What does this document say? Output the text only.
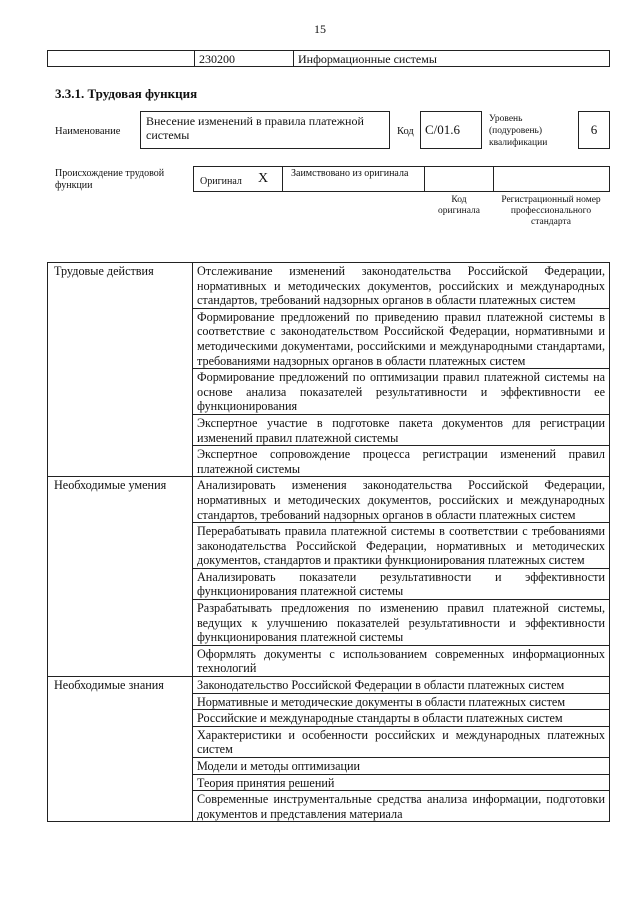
15
230200	Информационные системы
3.3.1. Трудовая функция
Наименование
Внесение изменений в правила платежной системы	Код С/01.6
Уровень (подуровень) квалификации
6
Происхождение трудовой функции	Оригинал X	Заимствовано из оригинала
Код оригинала
Регистрационный номер профессионального стандарта
Трудовые действия	Отслеживание изменений законодательства Российской Федерации, нормативных и методических документов, российских и международных стандартов, требований надзорных органов в области платежных систем
	Формирование предложений по приведению правил платежной системы в соответствие с законодательством Российской Федерации, нормативными и методическими документами, российскими и международными стандартами, требованиями надзорных органов в области платежных систем
	Формирование предложений по оптимизации правил платежной системы на основе анализа показателей результативности и эффективности ее функционирования
	Экспертное участие в подготовке пакета документов для регистрации изменений правил платежной системы
	Экспертное сопровождение процесса регистрации изменений правил платежной системы
Необходимые умения	Анализировать изменения законодательства Российской Федерации, нормативных и методических документов, российских и международных стандартов, требований надзорных органов в области платежных систем
	Перерабатывать правила платежной системы в соответствии с требованиями законодательства Российской Федерации, нормативных и методических документов, стандартов и практики функционирования платежных систем
	Анализировать показатели результативности и эффективности функционирования платежной системы
	Разрабатывать предложения по изменению правил платежной системы, ведущих к улучшению показателей результативности и эффективности функционирования платежной системы
	Оформлять документы с использованием современных информационных технологий
Необходимые знания	Законодательство Российской Федерации в области платежных систем
	Нормативные и методические документы в области платежных систем
	Российские и международные стандарты в области платежных систем
	Характеристики и особенности российских и международных платежных систем
	Модели и методы оптимизации
	Теория принятия решений
	Современные инструментальные средства анализа информации, подготовки документов и представления материала
